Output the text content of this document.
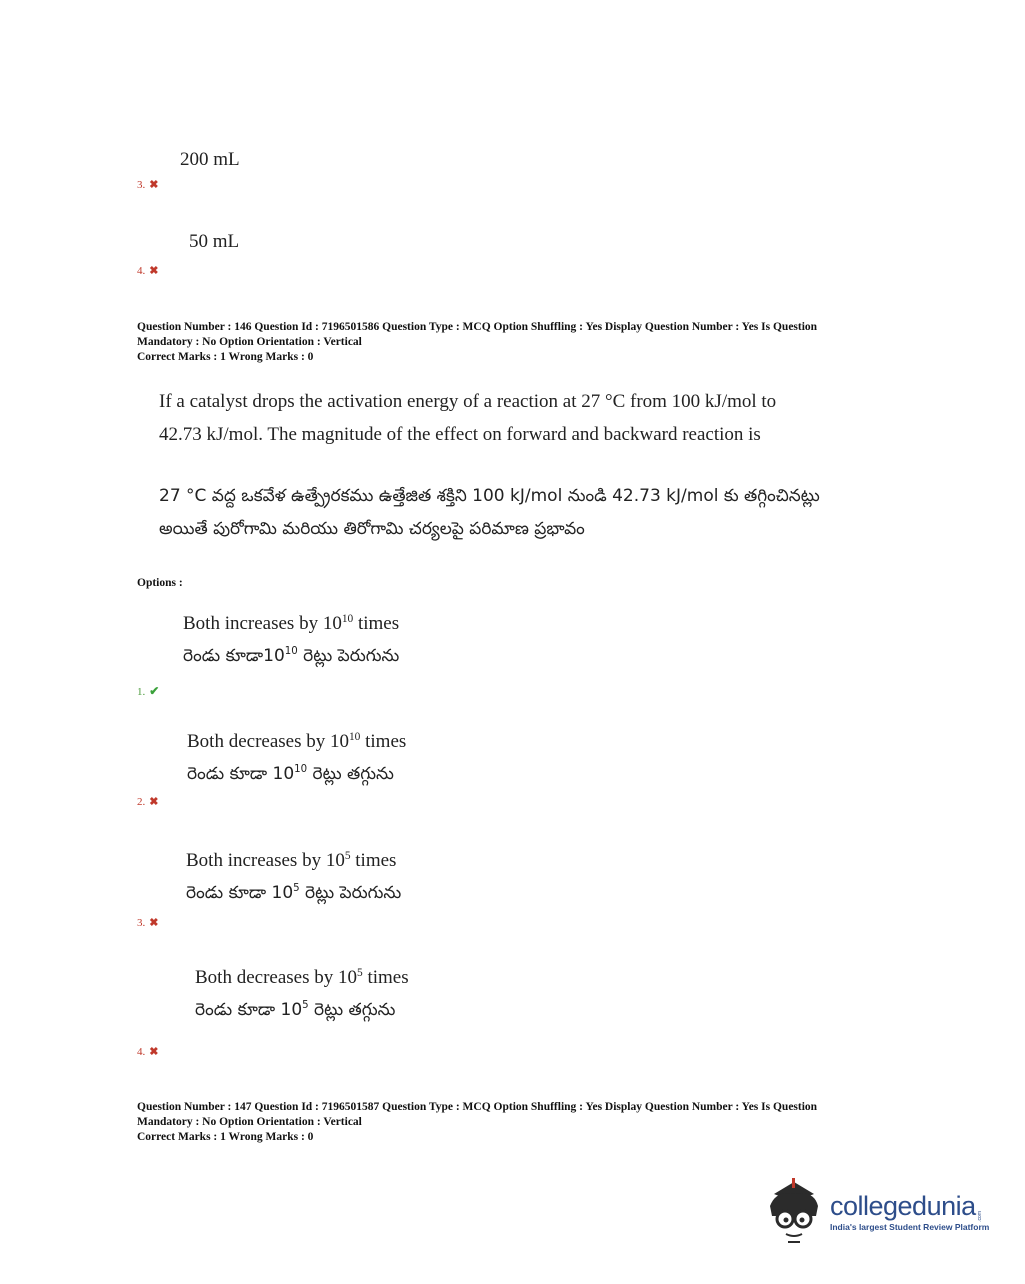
200 mL
3. ✖
50 mL
4. ✖
Question Number : 146 Question Id : 7196501586 Question Type : MCQ Option Shuffling : Yes Display Question Number : Yes Is Question
Mandatory : No Option Orientation : Vertical
Correct Marks : 1 Wrong Marks : 0
If a catalyst drops the activation energy of a reaction at 27 °C from 100 kJ/mol to
42.73 kJ/mol. The magnitude of the effect on forward and backward reaction is
27 °C వద్ద ఒకవేళ ఉత్ప్రేరకము ఉత్తేజిత శక్తిని 100 kJ/mol నుండి 42.73 kJ/mol కు తగ్గించినట్లు
అయితే పురోగామి మరియు తిరోగామి చర్యలపై పరిమాణ ప్రభావం
Options :
Both increases by $10^{10}$ times
రెండు $కూడా10^{10}$ రెట్లు పెరుగును
1. ✔
Both decreases by $10^{10}$ times
రెండు కూడా $10^{10}$ రెట్లు తగ్గును
2. ✖
Both increases by $10^5$ times
రెండు కూడా $10^5$ రెట్లు పెరుగును
3. ✖
Both decreases by $10^5$ times
రెండు కూడా $10^5$ రెట్లు తగ్గును
4. ✖
Question Number : 147 Question Id : 7196501587 Question Type : MCQ Option Shuffling : Yes Display Question Number : Yes Is Question
Mandatory : No Option Orientation : Vertical
Correct Marks : 1 Wrong Marks : 0
collegedunia .com
India's largest Student Review Platform
